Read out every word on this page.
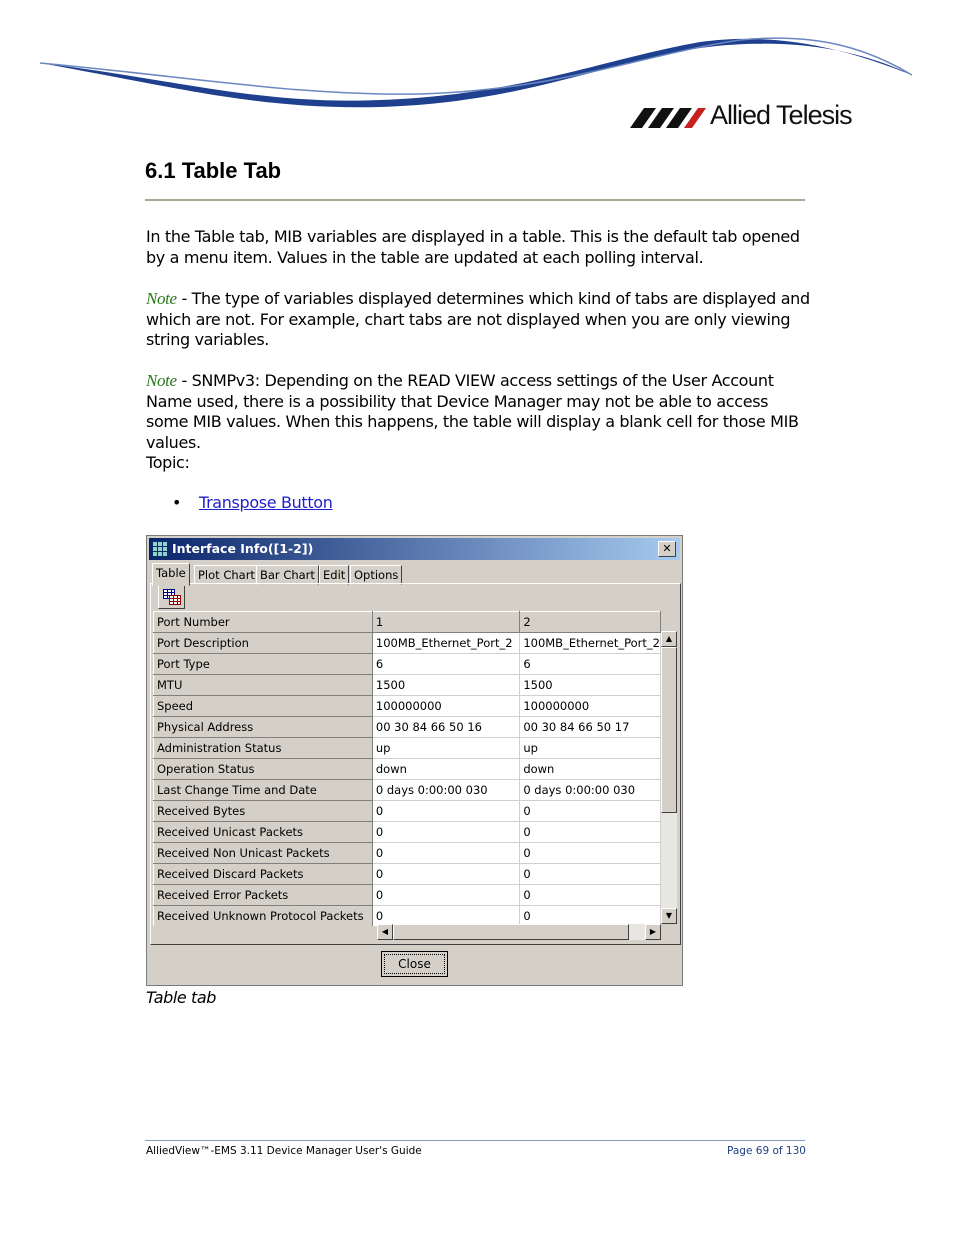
Allied Telesis
6.1 Table Tab

In the Table tab, MIB variables are displayed in a table. This is the default tab opened by a menu item. Values in the table are updated at each polling interval.

Note - The type of variables displayed determines which kind of tabs are displayed and which are not. For example, chart tabs are not displayed when you are only viewing string variables.

Note - SNMPv3: Depending on the READ VIEW access settings of the User Account Name used, there is a possibility that Device Manager may not be able to access some MIB values. When this happens, the table will display a blank cell for those MIB values.

Topic:

• Transpose Button
Interface Info([1-2])	✕
Table	Plot Chart Bar Chart Edit Options
Port Number	1	2
Port Description	100MB_Ethernet_Port_2	100MB_Ethernet_Port_2
Port Type	6	6
MTU	1500	1500
Speed	100000000	100000000
Physical Address	00 30 84 66 50 16	00 30 84 66 50 17
Administration Status	up	up
Operation Status	down	down
Last Change Time and Date	0 days 0:00:00 030	0 days 0:00:00 030
Received Bytes	0	0
Received Unicast Packets	0	0
Received Non Unicast Packets	0	0
Received Discard Packets	0	0
Received Error Packets	0	0
Received Unknown Protocol Packets	0	0
▲
▼
◀	▶
Close
Table tab
AlliedView™-EMS 3.11 Device Manager User's Guide	Page 69 of 130
